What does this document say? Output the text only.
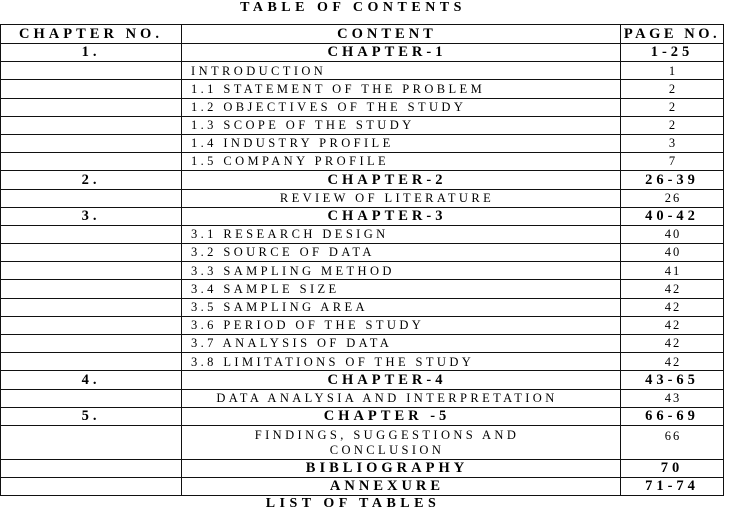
TABLE OF CONTENTS
CHAPTER NO.	CONTENT	PAGE NO.
1.	CHAPTER-1	1-25
	INTRODUCTION	1
	1.1 STATEMENT OF THE PROBLEM	2
	1.2 OBJECTIVES OF THE STUDY	2
	1.3 SCOPE OF THE STUDY	2
	1.4 INDUSTRY PROFILE	3
	1.5 COMPANY PROFILE	7
2.	CHAPTER-2	26-39
	REVIEW OF LITERATURE	26
3.	CHAPTER-3	40-42
	3.1 RESEARCH DESIGN	40
	3.2 SOURCE OF DATA	40
	3.3 SAMPLING METHOD	41
	3.4 SAMPLE SIZE	42
	3.5 SAMPLING AREA	42
	3.6 PERIOD OF THE STUDY	42
	3.7 ANALYSIS OF DATA	42
	3.8 LIMITATIONS OF THE STUDY	42
4.	CHAPTER-4	43-65
	DATA ANALYSIA AND INTERPRETATION	43
5.	CHAPTER -5	66-69

	FINDINGS, SUGGESTIONS AND
CONCLUSION	66
	BIBLIOGRAPHY	70
	ANNEXURE	71-74
LIST OF TABLES
